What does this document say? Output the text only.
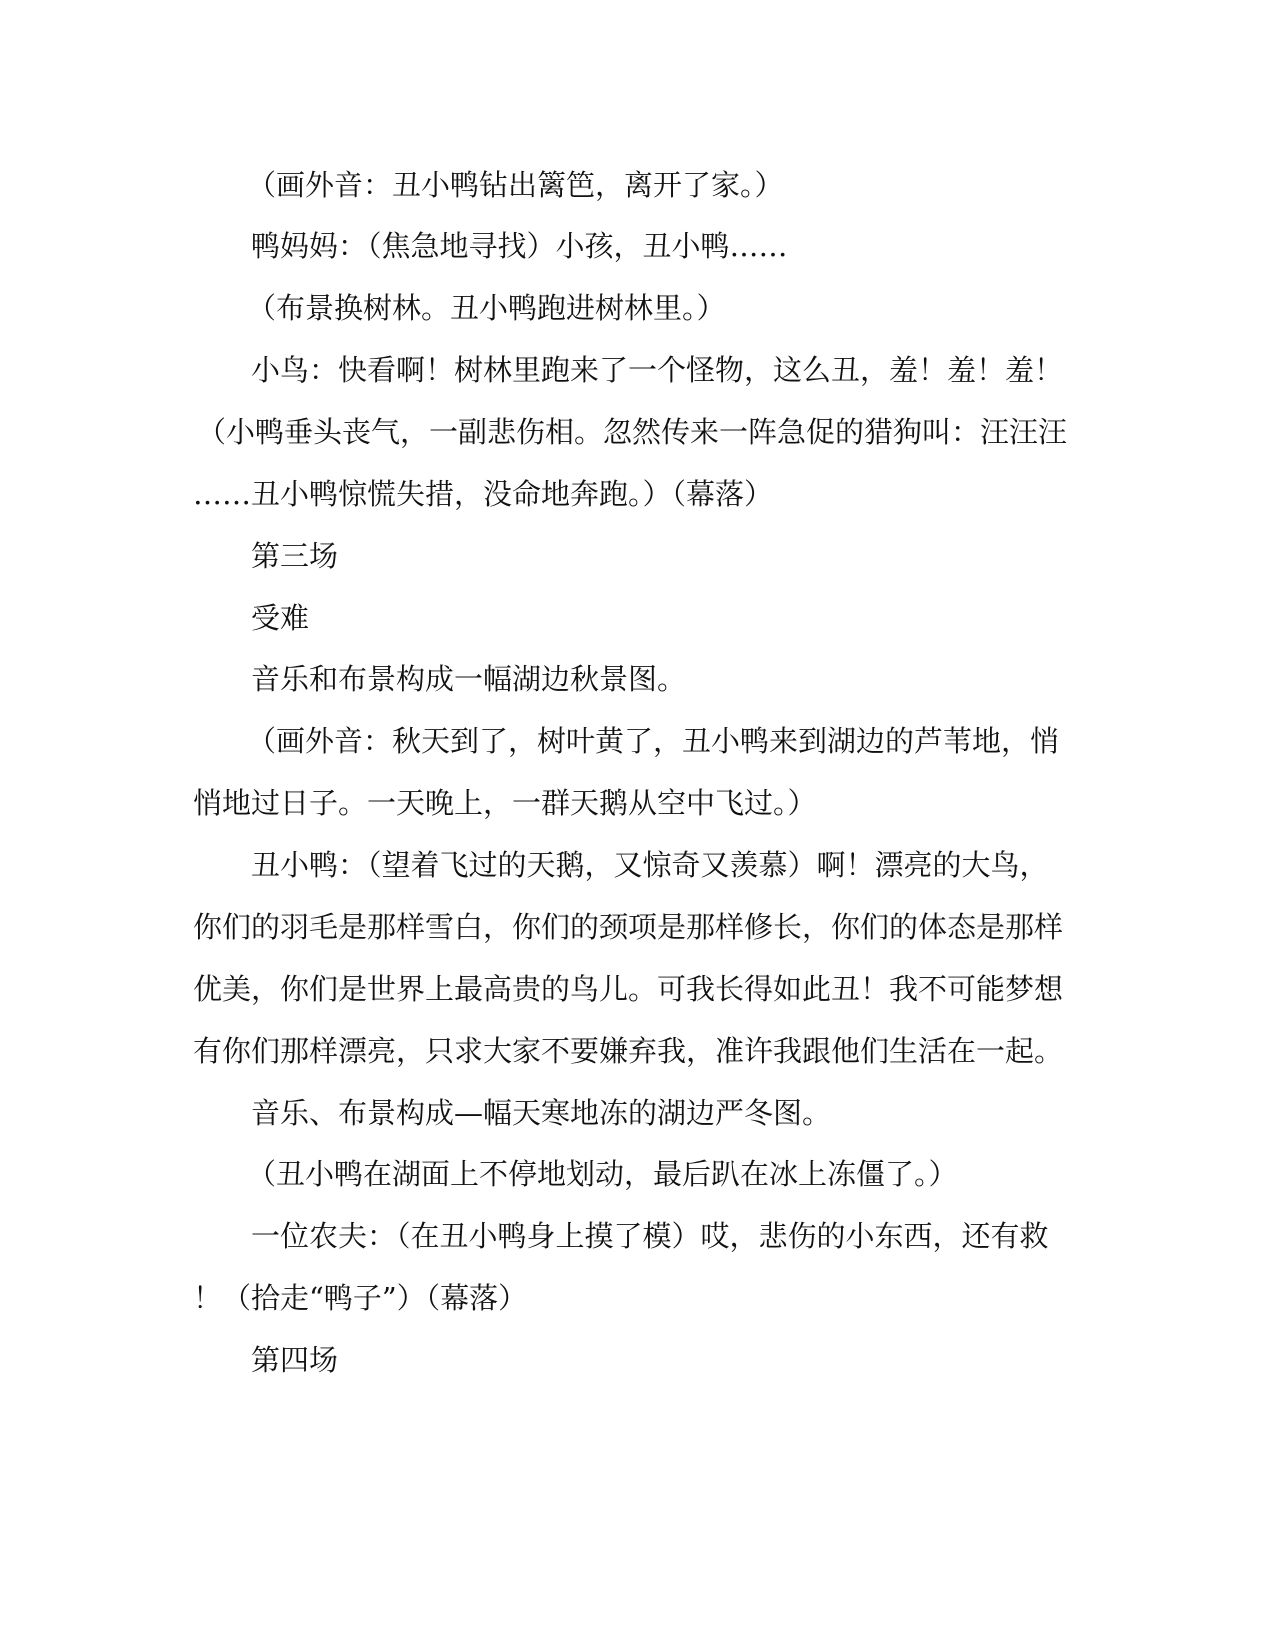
（画外音：丑小鸭钻出篱笆，离开了家。）

鸭妈妈：（焦急地寻找）小孩，丑小鸭……

（布景换树林。丑小鸭跑进树林里。）

小鸟：快看啊！树林里跑来了一个怪物，这么丑，羞！羞！羞！

（小鸭垂头丧气，一副悲伤相。忽然传来一阵急促的猎狗叫：汪汪汪

……丑小鸭惊慌失措，没命地奔跑。）（幕落）

第三场

受难

音乐和布景构成一幅湖边秋景图。

（画外音：秋天到了，树叶黄了，丑小鸭来到湖边的芦苇地，悄

悄地过日子。一天晚上，一群天鹅从空中飞过。）

丑小鸭：（望着飞过的天鹅，又惊奇又羡慕）啊！漂亮的大鸟，

你们的羽毛是那样雪白，你们的颈项是那样修长，你们的体态是那样

优美，你们是世界上最高贵的鸟儿。可我长得如此丑！我不可能梦想

有你们那样漂亮，只求大家不要嫌弃我，准许我跟他们生活在一起。

音乐、布景构成—幅天寒地冻的湖边严冬图。

（丑小鸭在湖面上不停地划动，最后趴在冰上冻僵了。）

一位农夫：（在丑小鸭身上摸了模）哎，悲伤的小东西，还有救

！（拾走“鸭子”）（幕落）

第四场
